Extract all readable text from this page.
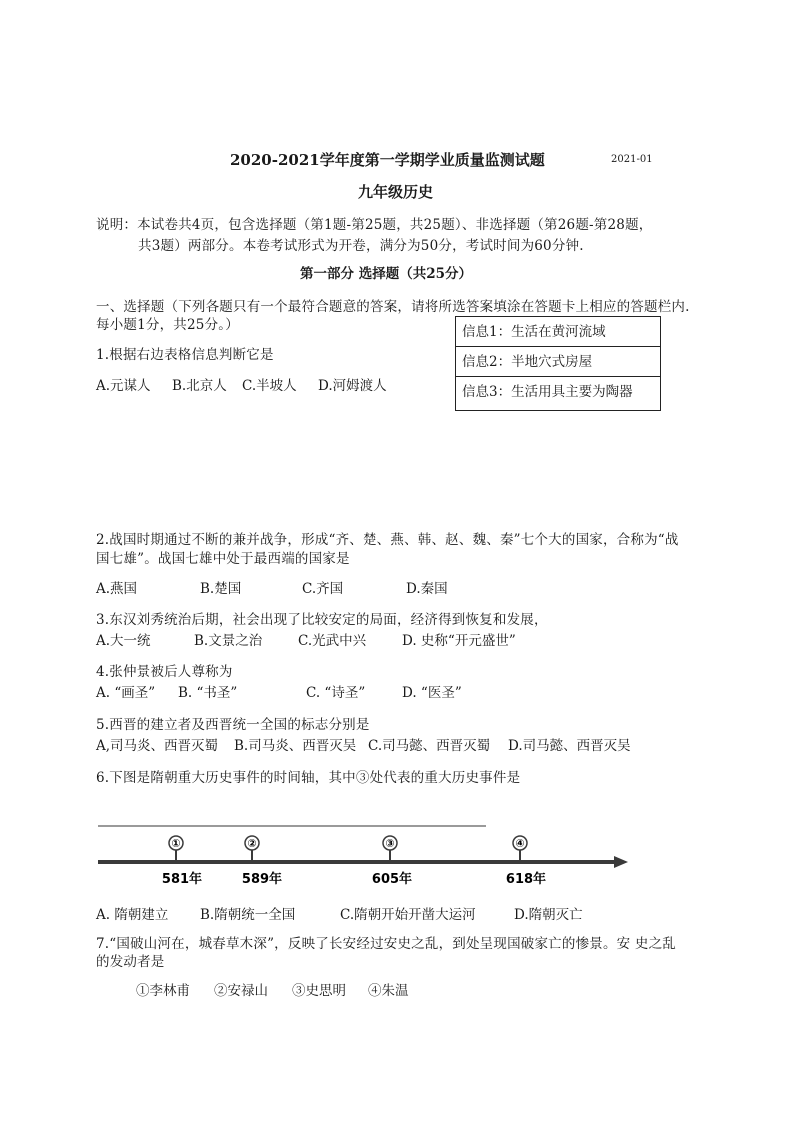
2020-2021学年度第一学期学业质量监测试题	2021-01
九年级历史
说明：本试卷共4页，包含选择题（第1题-第25题，共25题）、非选择题（第26题-第28题，
共3题）两部分。本卷考试形式为开卷，满分为50分，考试时间为60分钟.
第一部分 选择题（共25分）
一、选择题（下列各题只有一个最符合题意的答案，请将所选答案填涂在答题卡上相应的答题栏内.
每小题1分，共25分。）	信息1：生活在黄河流域
信息2：半地穴式房屋
信息3：生活用具主要为陶器
1.根据右边表格信息判断它是
A.元谋人 B.北京人 C.半坡人 D.河姆渡人
2.战国时期通过不断的兼并战争，形成“齐、楚、燕、韩、赵、魏、秦”七个大的国家，合称为“战
国七雄”。战国七雄中处于最西端的国家是
A.燕国	B.楚国	C.齐国	D.秦国
3.东汉刘秀统治后期，社会出现了比较安定的局面，经济得到恢复和发展，
A.大一统	B.文景之治	C.光武中兴	D. 史称“开元盛世”
4.张仲景被后人尊称为
A. “画圣” B. “书圣”	C. “诗圣”	D. “医圣”
5.西晋的建立者及西晋统一全国的标志分别是
A,司马炎、西晋灭蜀 B.司马炎、西晋灭吴 C.司马懿、西晋灭蜀 D.司马懿、西晋灭吴
6.下图是隋朝重大历史事件的时间轴，其中③处代表的重大历史事件是
①	②	③	④
581年	589年	605年	618年
A. 隋朝建立 B.隋朝统一全国	C.隋朝开始开凿大运河	D.隋朝灭亡
7.“国破山河在，城春草木深”，反映了长安经过安史之乱，到处呈现国破家亡的惨景。安 史之乱
的发动者是
①李林甫 ②安禄山 ③史思明 ④朱温
